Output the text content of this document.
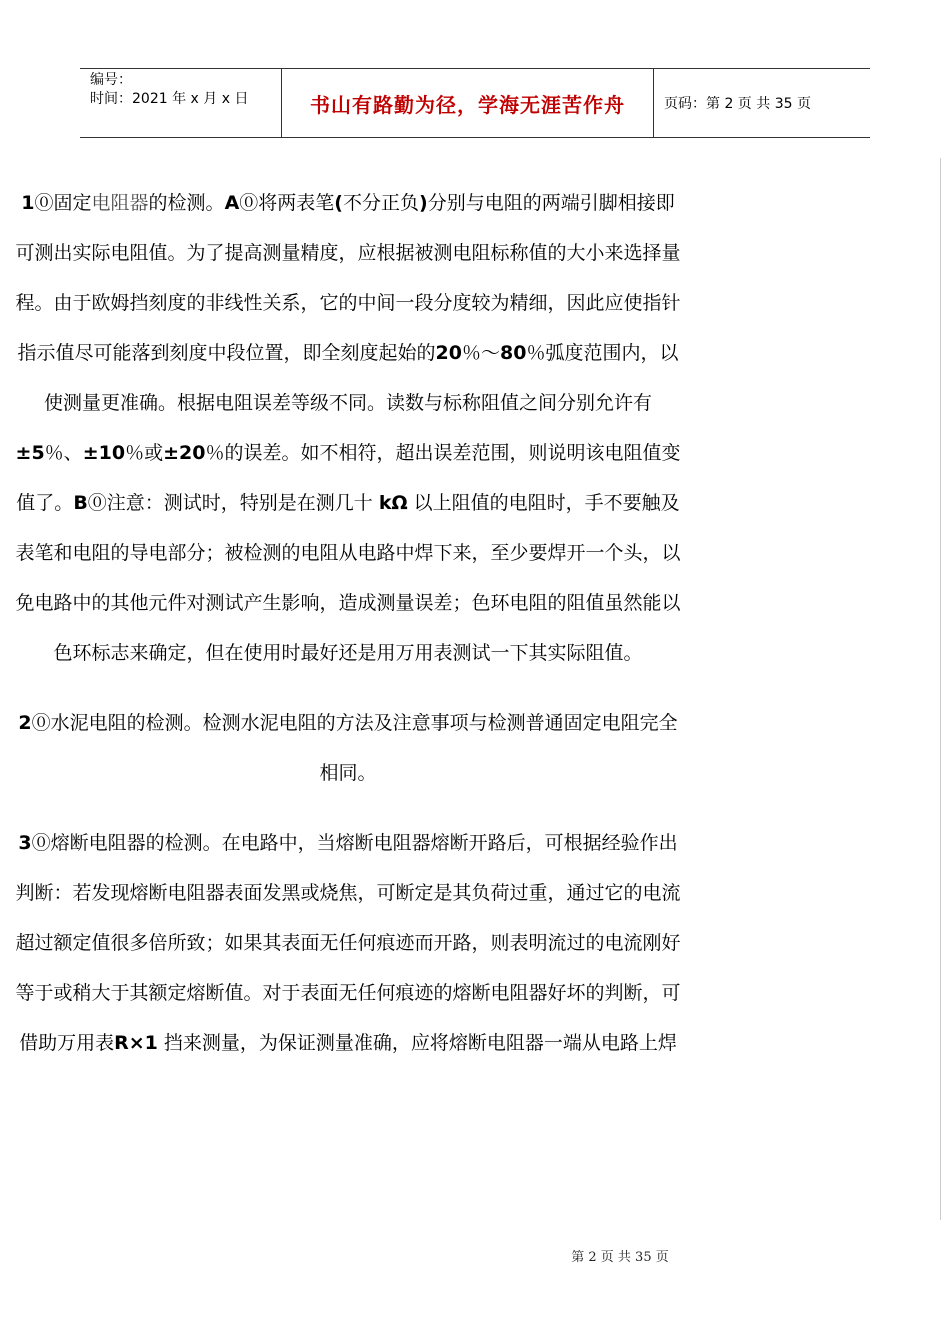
编号：
时间：2021 年 x 月 x 日	书山有路勤为径，学海无涯苦作舟	页码：第 2 页 共 35 页

1⓪固定电阻器的检测。A⓪将两表笔(不分正负)分别与电阻的两端引脚相接即可测出实际电阻值。为了提高测量精度，应根据被测电阻标称值的大小来选择量程。由于欧姆挡刻度的非线性关系，它的中间一段分度较为精细，因此应使指针指示值尽可能落到刻度中段位置，即全刻度起始的20％～80％弧度范围内，以使测量更准确。根据电阻误差等级不同。读数与标称阻值之间分别允许有±5％、±10％或±20％的误差。如不相符，超出误差范围，则说明该电阻值变值了。B⓪注意：测试时，特别是在测几十 kΩ 以上阻值的电阻时，手不要触及表笔和电阻的导电部分；被检测的电阻从电路中焊下来，至少要焊开一个头，以免电路中的其他元件对测试产生影响，造成测量误差；色环电阻的阻值虽然能以色环标志来确定，但在使用时最好还是用万用表测试一下其实际阻值。

2⓪水泥电阻的检测。检测水泥电阻的方法及注意事项与检测普通固定电阻完全相同。

3⓪熔断电阻器的检测。在电路中，当熔断电阻器熔断开路后，可根据经验作出判断：若发现熔断电阻器表面发黑或烧焦，可断定是其负荷过重，通过它的电流超过额定值很多倍所致；如果其表面无任何痕迹而开路，则表明流过的电流刚好等于或稍大于其额定熔断值。对于表面无任何痕迹的熔断电阻器好坏的判断，可借助万用表R×1 挡来测量，为保证测量准确，应将熔断电阻器一端从电路上焊

第 2 页 共 35 页
